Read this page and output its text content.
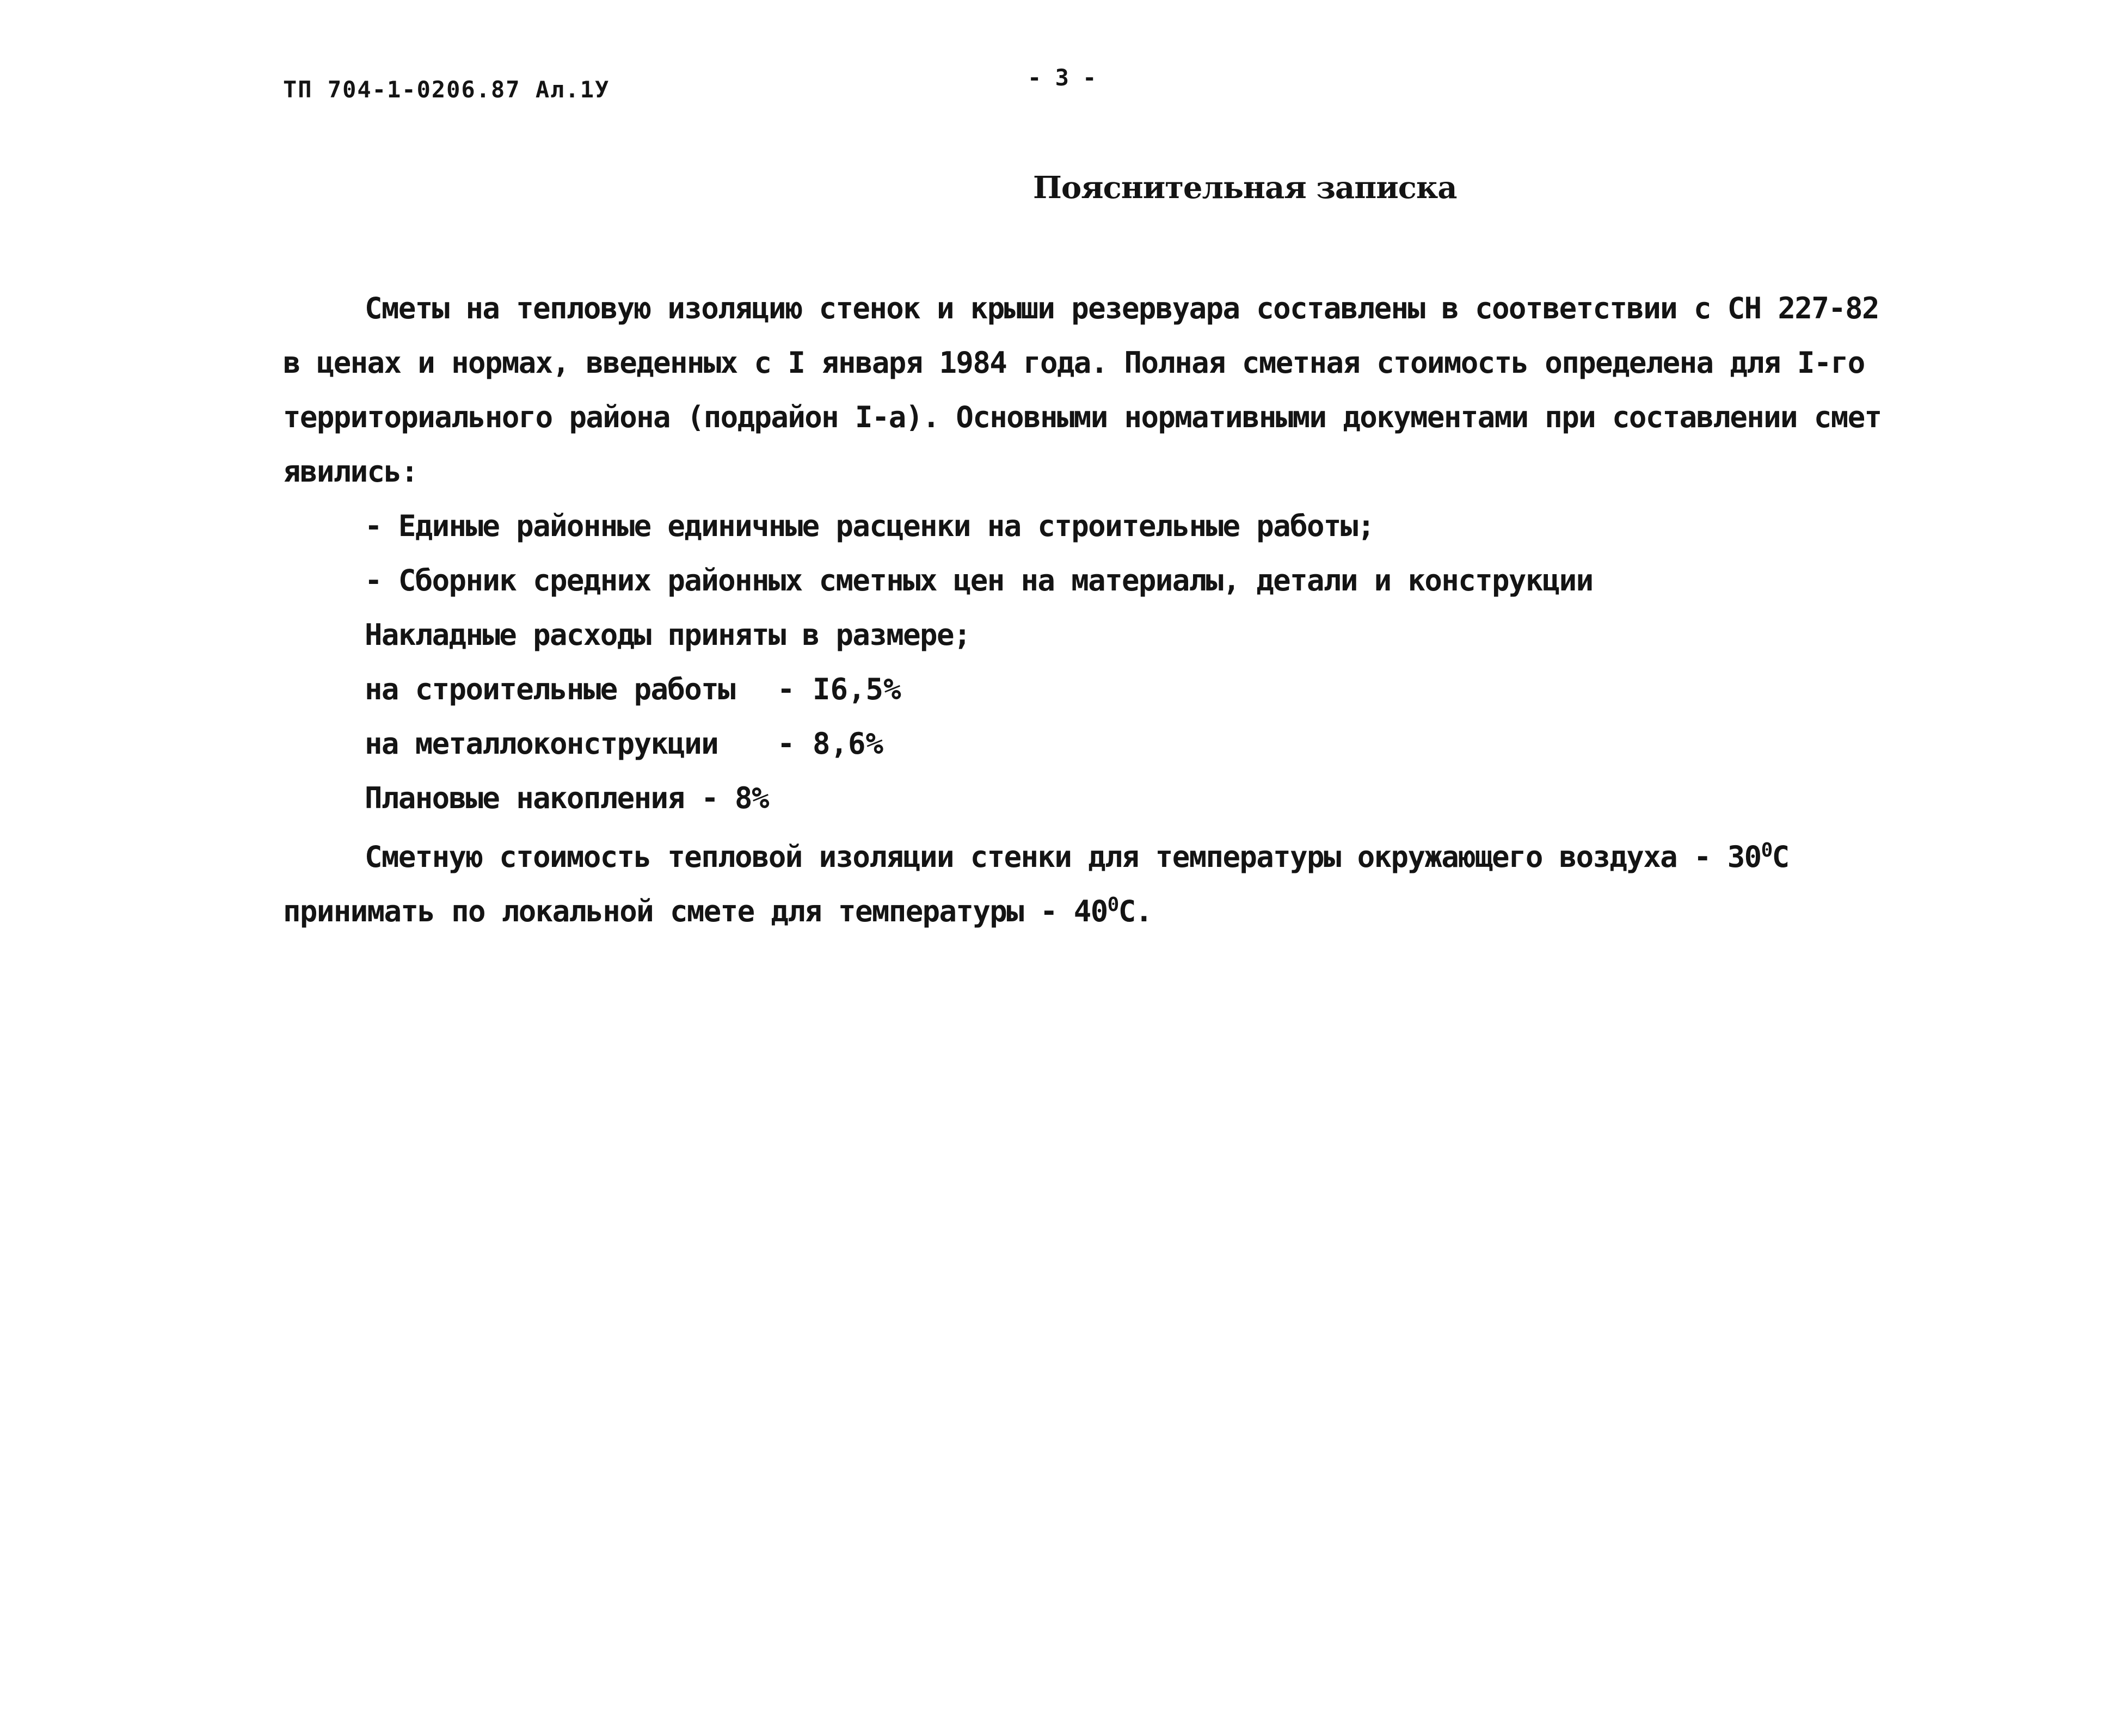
ТП 704-1-0206.87 Ал.1У	- 3 -
Пояснительная записка
Сметы на тепловую изоляцию стенок и крыши резервуара составлены в соответствии с СН 227-82
в ценах и нормах, введенных с I января 1984 года. Полная сметная стоимость определена для I-го
территориального района (подрайон I-а). Основными нормативными документами при составлении смет
явились:
- Единые районные единичные расценки на строительные работы;
- Сборник средних районных сметных цен на материалы, детали и конструкции
Накладные расходы приняты в размере;
на строительные работы - I6,5%
на металлоконструкции - 8,6%
Плановые накопления - 8%
Сметную стоимость тепловой изоляции стенки для температуры окружающего воздуха - $30^0С$
принимать по локальной смете для температуры - $40^0С$.
